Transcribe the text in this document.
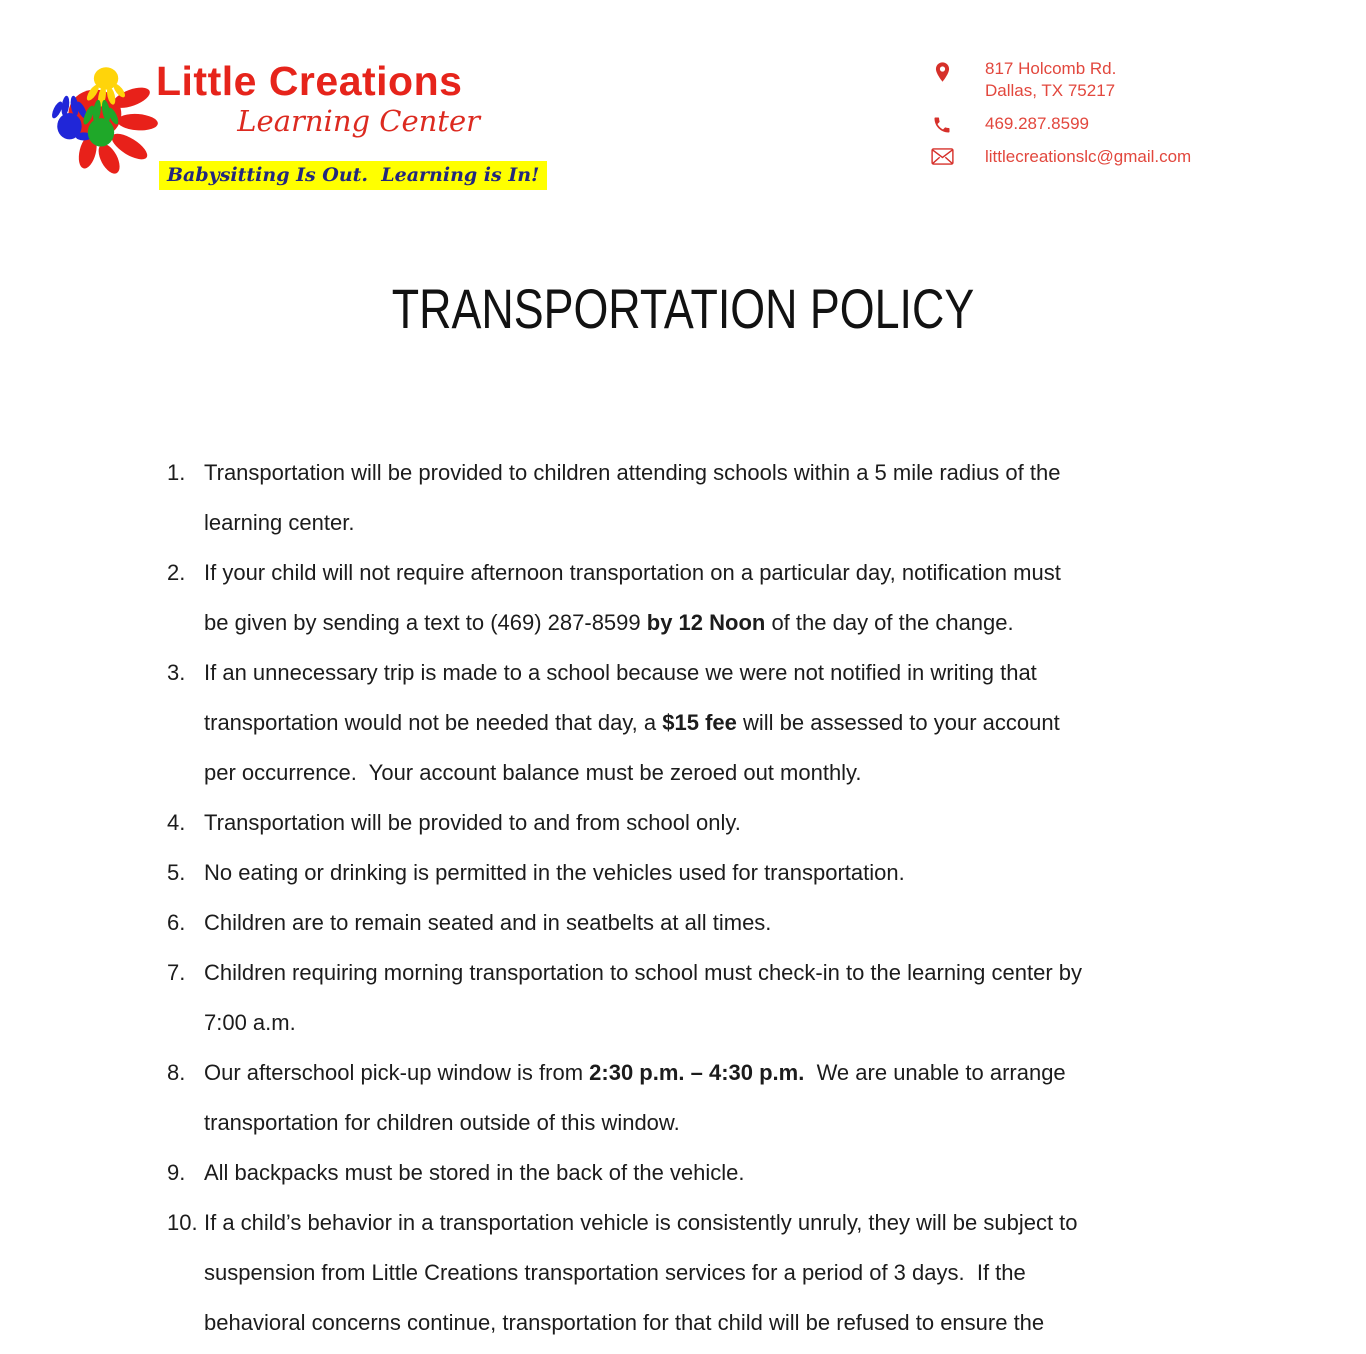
Little Creations
Learning Center
Babysitting Is Out.  Learning is In!
817 Holcomb Rd.
Dallas, TX 75217
469.287.8599
littlecreationslc@gmail.com
TRANSPORTATION POLICY
1. Transportation will be provided to children attending schools within a 5 mile radius of the
learning center.
2. If your child will not require afternoon transportation on a particular day, notification must
be given by sending a text to (469) 287-8599 by 12 Noon of the day of the change.
3. If an unnecessary trip is made to a school because we were not notified in writing that
transportation would not be needed that day, a $15 fee will be assessed to your account
per occurrence.  Your account balance must be zeroed out monthly.
4. Transportation will be provided to and from school only.
5. No eating or drinking is permitted in the vehicles used for transportation.
6. Children are to remain seated and in seatbelts at all times.
7. Children requiring morning transportation to school must check-in to the learning center by
7:00 a.m.
8. Our afterschool pick-up window is from 2:30 p.m. – 4:30 p.m.  We are unable to arrange
transportation for children outside of this window.
9. All backpacks must be stored in the back of the vehicle.
10. If a child’s behavior in a transportation vehicle is consistently unruly, they will be subject to
suspension from Little Creations transportation services for a period of 3 days.  If the
behavioral concerns continue, transportation for that child will be refused to ensure the
